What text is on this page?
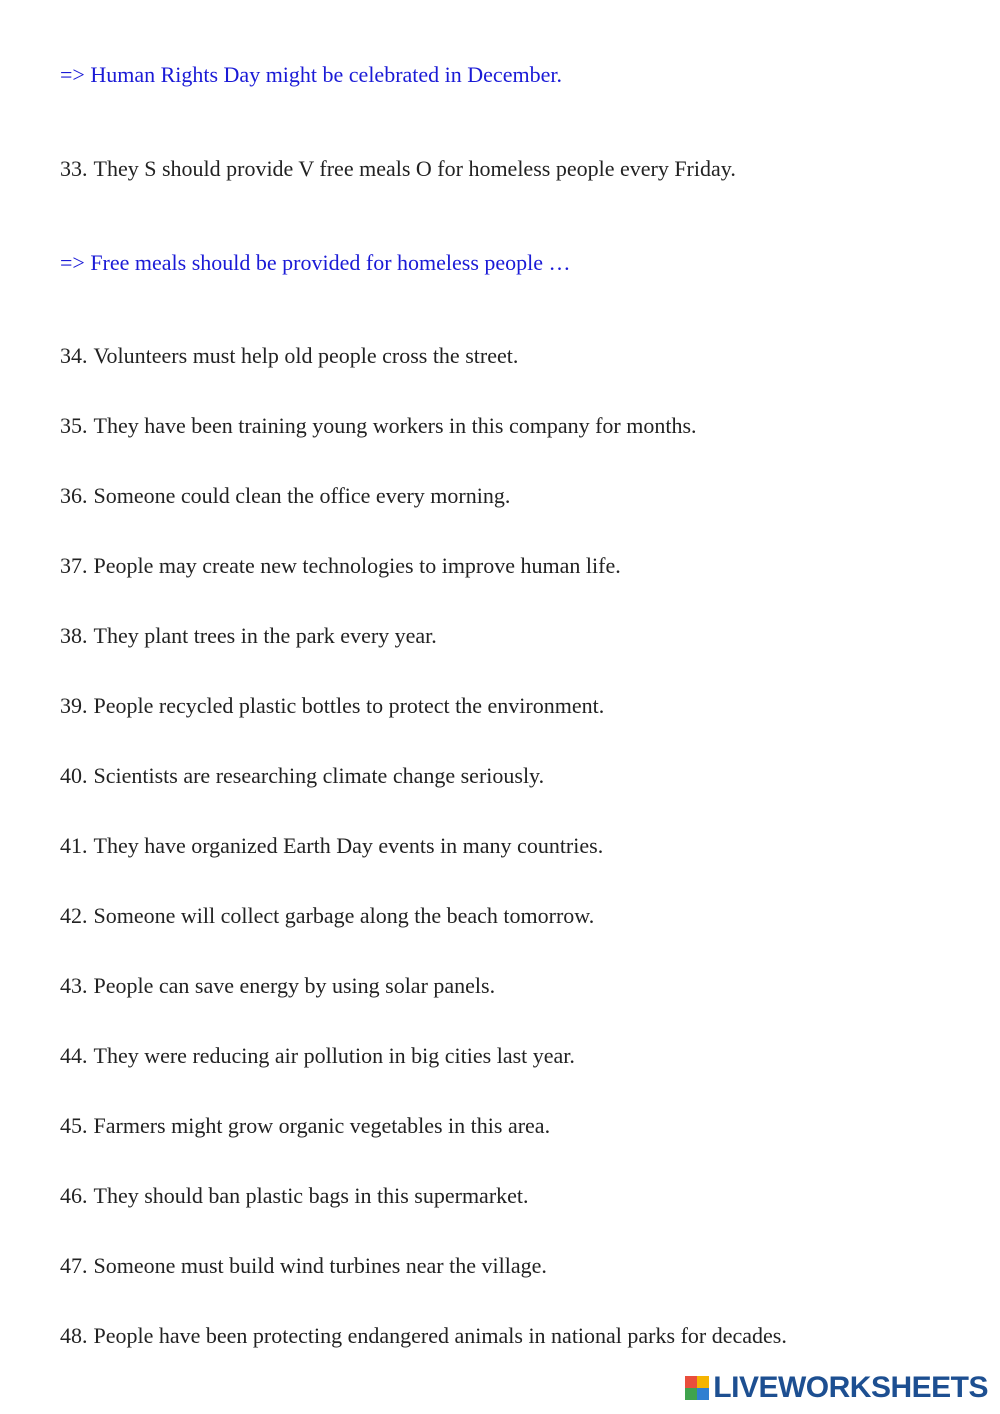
=> Human Rights Day might be celebrated in December.
33. They S should provide V free meals O for homeless people every Friday.
=> Free meals should be provided for homeless people …
34. Volunteers must help old people cross the street.
35. They have been training young workers in this company for months.
36. Someone could clean the office every morning.
37. People may create new technologies to improve human life.
38. They plant trees in the park every year.
39. People recycled plastic bottles to protect the environment.
40. Scientists are researching climate change seriously.
41. They have organized Earth Day events in many countries.
42. Someone will collect garbage along the beach tomorrow.
43. People can save energy by using solar panels.
44. They were reducing air pollution in big cities last year.
45. Farmers might grow organic vegetables in this area.
46. They should ban plastic bags in this supermarket.
47. Someone must build wind turbines near the village.
48. People have been protecting endangered animals in national parks for decades.
LIVEWORKSHEETS
